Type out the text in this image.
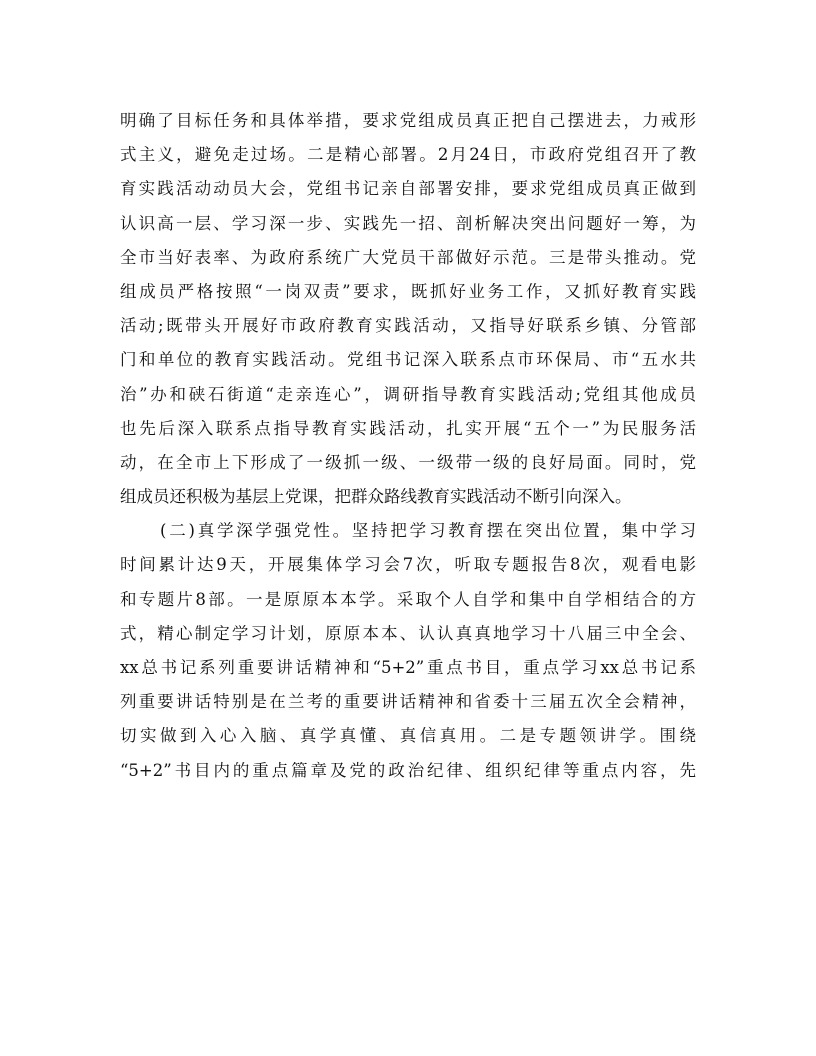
明确了目标任务和具体举措，要求党组成员真正把自己摆进去，力戒形
式主义，避免走过场。二是精心部署。2月24日，市政府党组召开了教
育实践活动动员大会，党组书记亲自部署安排，要求党组成员真正做到
认识高一层、学习深一步、实践先一招、剖析解决突出问题好一筹，为
全市当好表率、为政府系统广大党员干部做好示范。三是带头推动。党
组成员严格按照“一岗双责”要求，既抓好业务工作，又抓好教育实践
活动;既带头开展好市政府教育实践活动，又指导好联系乡镇、分管部
门和单位的教育实践活动。党组书记深入联系点市环保局、市“五水共
治”办和硖石街道“走亲连心”，调研指导教育实践活动;党组其他成员
也先后深入联系点指导教育实践活动，扎实开展“五个一”为民服务活
动，在全市上下形成了一级抓一级、一级带一级的良好局面。同时，党
组成员还积极为基层上党课，把群众路线教育实践活动不断引向深入。
(二)真学深学强党性。坚持把学习教育摆在突出位置，集中学习
时间累计达9天，开展集体学习会7次，听取专题报告8次，观看电影
和专题片8部。一是原原本本学。采取个人自学和集中自学相结合的方
式，精心制定学习计划，原原本本、认认真真地学习十八届三中全会、
xx总书记系列重要讲话精神和“5+2”重点书目，重点学习xx总书记系
列重要讲话特别是在兰考的重要讲话精神和省委十三届五次全会精神，
切实做到入心入脑、真学真懂、真信真用。二是专题领讲学。围绕
“5+2”书目内的重点篇章及党的政治纪律、组织纪律等重点内容，先
